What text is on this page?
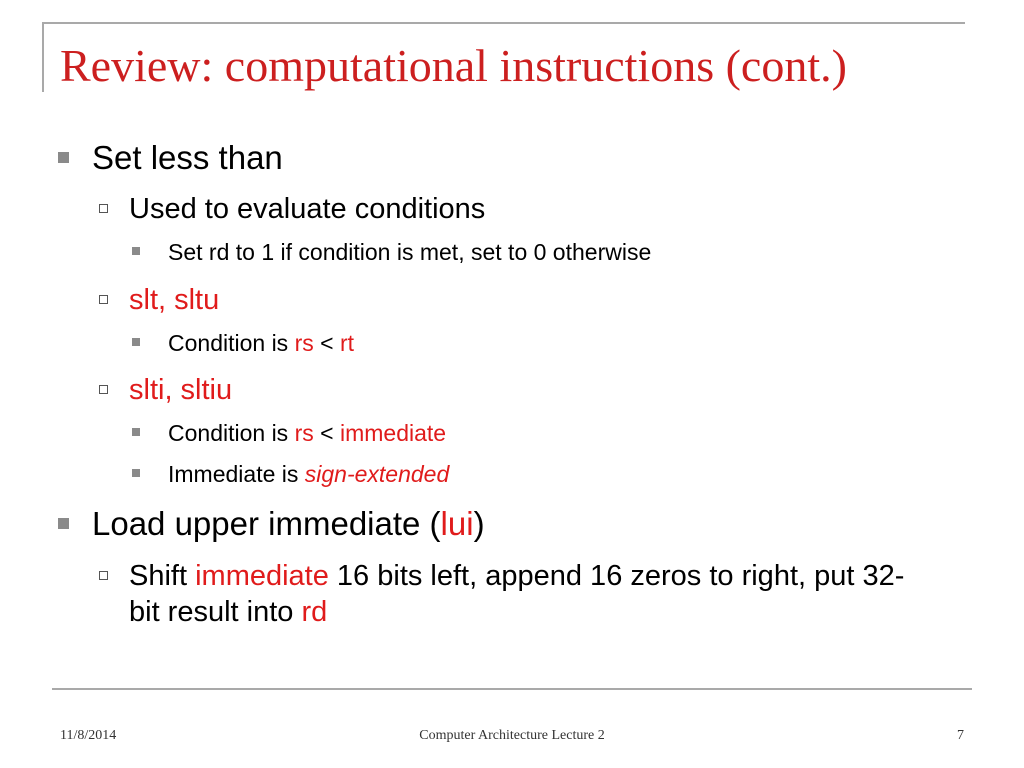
Review: computational instructions (cont.)
Set less than
Used to evaluate conditions
Set rd to 1 if condition is met, set to 0 otherwise
slt, sltu
Condition is rs < rt
slti, sltiu
Condition is rs < immediate
Immediate is sign-extended
Load upper immediate (lui)
Shift immediate 16 bits left, append 16 zeros to right, put 32-bit result into rd
11/8/2014	Computer Architecture Lecture 2	7
